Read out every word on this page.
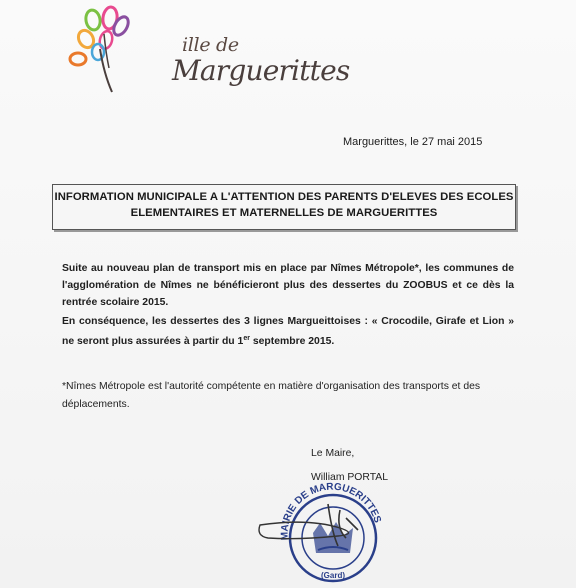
ille de
Marguerittes
Marguerittes, le 27 mai 2015
INFORMATION MUNICIPALE A L'ATTENTION DES PARENTS D'ELEVES DES ECOLES
ELEMENTAIRES ET MATERNELLES DE MARGUERITTES
Suite au nouveau plan de transport mis en place par Nîmes Métropole*, les communes de l'agglomération de Nîmes ne bénéficieront plus des dessertes du ZOOBUS et ce dès la rentrée scolaire 2015.
En conséquence, les dessertes des 3 lignes Margueittoises : « Crocodile, Girafe et Lion » ne seront plus assurées à partir du 1er septembre 2015.
*Nîmes Métropole est l'autorité compétente en matière d'organisation des transports et des déplacements.
Le Maire,
William PORTAL
MAIRIE DE MARGUERITTES
(Gard)
